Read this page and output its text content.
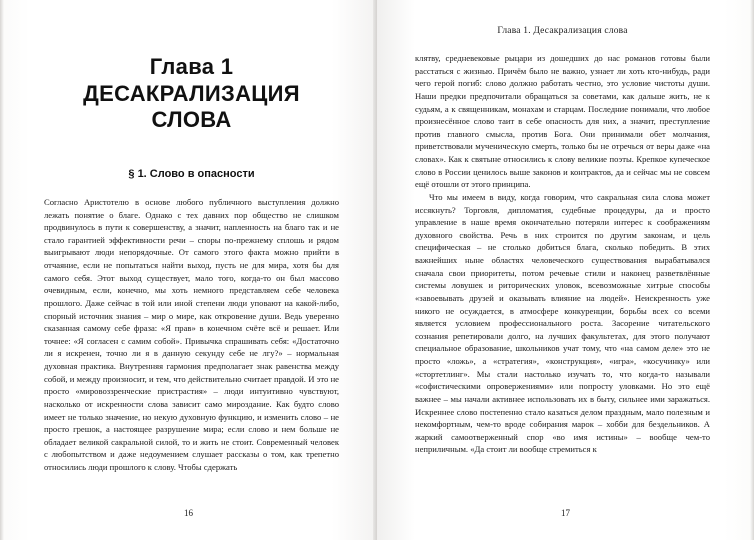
Глава 1
ДЕСАКРАЛИЗАЦИЯ СЛОВА
§ 1. Слово в опасности

Согласно Аристотелю в основе любого публичного выступления должно лежать понятие о благе. Однако с тех давних пор общество не слишком продвинулось в пути к совершенству, а значит, напленность на благо так и не стало гарантией эффективности речи – споры по-прежнему сплошь и рядом выигрывают люди непорядочные. От самого этого факта можно прийти в отчаяние, если не попытаться найти выход, пусть не для мира, хотя бы для самого себя. Этот выход существует, мало того, когда-то он был массово очевидным, если, конечно, мы хоть немного представляем себе человека прошлого. Даже сейчас в той или иной степени люди уповают на какой-либо, спорный источник знания – мир о мире, как откровение души. Ведь уверенно сказанная самому себе фраза: «Я прав» в конечном счёте всё и решает. Или точнее: «Я согласен с самим собой». Привычка спрашивать себя: «Достаточно ли я искренен, точно ли я в данную секунду себе не лгу?» – нормальная духовная практика. Внутренняя гармония предполагает знак равенства между собой, и между произносит, и тем, что действительно считает правдой. И это не просто «мировоззренческие пристрастия» – люди интуитивно чувствуют, насколько от искренности слова зависит само мироздание. Как будто слово имеет не только значение, но некую духовную функцию, и изменить слово – не просто грешок, а настоящее разрушение мира; если слово и нем больше не обладает великой сакральной силой, то и жить не стоит. Современный человек с любопытством и даже недоумением слушает рассказы о том, как трепетно относились люди прошлого к слову. Чтобы сдержать

16
Глава 1. Десакрализация слова

клятву, средневековые рыцари из дошедших до нас романов готовы были расстаться с жизнью. Причём было не важно, узнает ли хоть кто-нибудь, ради чего герой погиб: слово должно работать честно, это условие чистоты души. Наши предки предпочитали обращаться за советами, как дальше жить, не к судьям, а к священникам, монахам и старцам. Последние понимали, что любое произнесённое слово таит в себе опасность для них, а значит, преступление против главного смысла, против Бога. Они принимали обет молчания, приветствовали мученическую смерть, только бы не отречься от веры даже «на словах». Как к святыне относились к слову великие поэты. Крепкое купеческое слово в России ценилось выше законов и контрактов, да и сейчас мы не совсем ещё отошли от этого принципа.

Что мы имеем в виду, когда говорим, что сакральная сила слова может иссякнуть? Торговля, дипломатия, судебные процедуры, да и просто управление в наше время окончательно потеряли интерес к соображениям духовного свойства. Речь в них строится по другим законам, и цель специфическая – не столько добиться блага, сколько победить. В этих важнейших ныне областях человеческого существования вырабатывался сначала свои приоритеты, потом речевые стили и наконец разветвлённые системы ловушек и риторических уловок, всевозможные хитрые способы «завоевывать друзей и оказывать влияние на людей». Неискренность уже никого не осуждается, в атмосфере конкуренции, борьбы всех со всеми является условием профессионального роста. Засорение читательского сознания репетировали долго, на лучших факультетах, для этого получают специальное образование, школьников учат тому, что «на самом деле» это не просто «ложь», а «стратегия», «конструкция», «игра», «косучинку» или «стортетлинг». Мы стали настолько изучать то, что когда-то называли «софистическими опровержениями» или попросту уловками. Но это ещё важнее – мы начали активнее использовать их в быту, сильнее ими заражаться. Искреннее слово постепенно стало казаться делом праздным, мало полезным и некомфортным, чем-то вроде собирания марок – хобби для бездельников. А жаркий самоотверженный спор «во имя истины» – вообще чем-то неприличным. «Да стоит ли вообще стремиться к

17
